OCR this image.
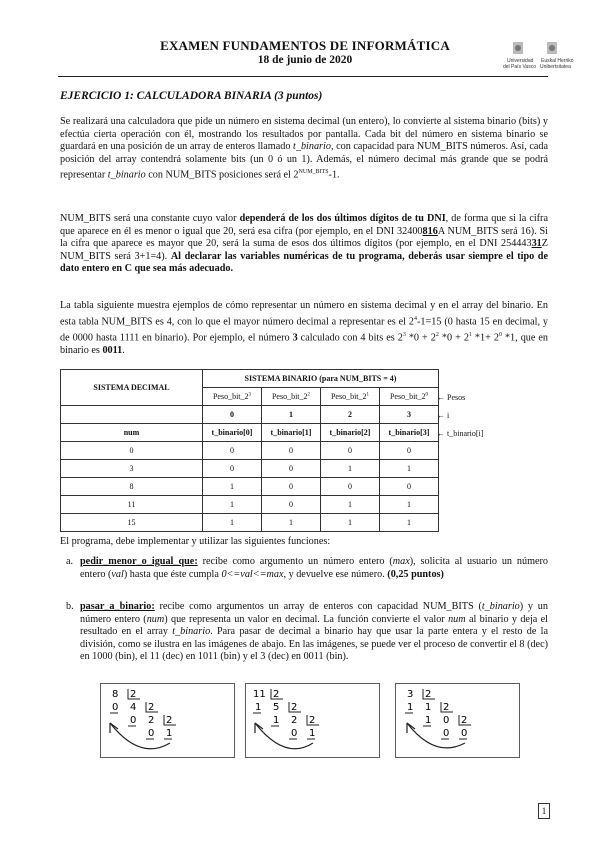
EXAMEN FUNDAMENTOS DE INFORMÁTICA
18 de junio de 2020	Universidad
del País Vasco
Euskal Herriko
Unibertsitatea
EJERCICIO 1: CALCULADORA BINARIA (3 puntos)
Se realizará una calculadora que pide un número en sistema decimal (un entero), lo convierte al sistema binario (bits) y efectúa cierta operación con él, mostrando los resultados por pantalla. Cada bit del número en sistema binario se guardará en una posición de un array de enteros llamado t_binario, con capacidad para NUM_BITS números. Así, cada posición del array contendrá solamente bits (un 0 ó un 1). Además, el número decimal más grande que se podrá representar t_binario con NUM_BITS posiciones será el $2^{NUM\_BITS}-1$.
NUM_BITS será una constante cuyo valor dependerá de los dos últimos dígitos de tu DNI, de forma que si la cifra que aparece en él es menor o igual que 20, será esa cifra (por ejemplo, en el DNI 32400816A NUM_BITS será 16). Si la cifra que aparece es mayor que 20, será la suma de esos dos últimos dígitos (por ejemplo, en el DNI 25444331Z NUM_BITS será 3+1=4). Al declarar las variables numéricas de tu programa, deberás usar siempre el tipo de dato entero en C que sea más adecuado.
La tabla siguiente muestra ejemplos de cómo representar un número en sistema decimal y en el array del binario. En esta tabla NUM_BITS es 4, con lo que el mayor número decimal a representar es el $2^4-1=15$ (0 hasta 15 en decimal, y de 0000 hasta 1111 en binario). Por ejemplo, el número 3 calculado con 4 bits es $2^3$ $*0 + 2^2$ $*0 + 2^1$ $*1+ 2^0$ *1, que en binario es 0011.
SISTEMA DECIMAL	SISTEMA BINARIO (para NUM_BITS = 4)			
	$Peso\_bit\_2^3$	$Peso\_bit\_2^2$	$Peso\_bit\_2^1$	$Peso\_bit\_2^0$
	0	1	2	3
num	t_binario[0]	t_binario[1]	t_binario[2]	t_binario[3]
0	0	0	0	0
3	0	0	1	1
8	1	0	0	0
11	1	0	1	1
15	1	1	1	1
← Pesos
← i
← t_binario[i]
El programa, debe implementar y utilizar las siguientes funciones:
a. pedir_menor_o_igual_que: recibe como argumento un número entero (max), solicita al usuario un número entero (val) hasta que éste cumpla 0<=val<=max, y devuelve ese número. (0,25 puntos)
b. pasar_a_binario: recibe como argumentos un array de enteros con capacidad NUM_BITS (t_binario) y un número entero (num) que representa un valor en decimal. La función convierte el valor num al binario y deja el resultado en el array t_binario. Para pasar de decimal a binario hay que usar la parte entera y el resto de la división, como se ilustra en las imágenes de abajo. En las imágenes, se puede ver el proceso de convertir el 8 (dec) en 1000 (bin), el 11 (dec) en 1011 (bin) y el 3 (dec) en 0011 (bin).
8 2
0 4 2
0 2 2
0 1
11 2
1 5 2
1 2 2
0 1
3 2
1 1 2
1 0 2
0 0
1
